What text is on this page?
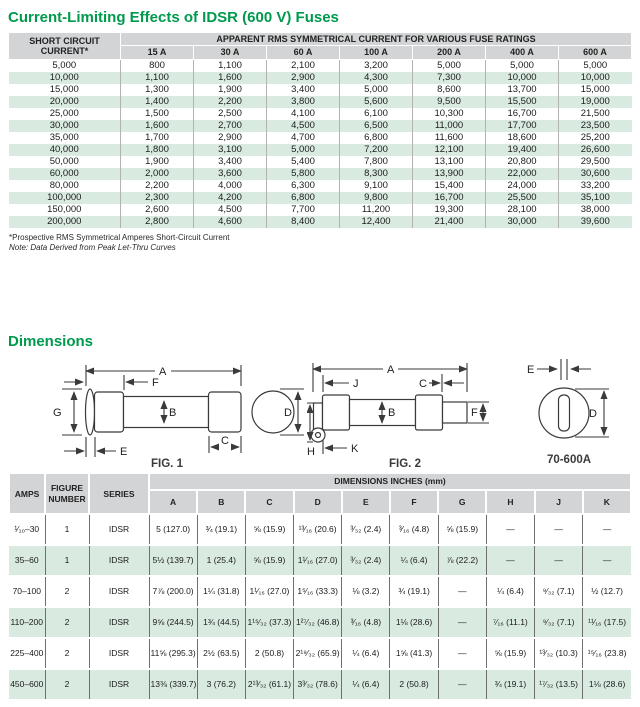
Current-Limiting Effects of IDSR (600 V) Fuses
SHORT CIRCUIT
CURRENT*	APPARENT RMS SYMMETRICAL CURRENT FOR VARIOUS FUSE RATINGS						
	15 A	30 A	60 A	100 A	200 A	400 A	600 A
5,000	800	1,100	2,100	3,200	5,000	5,000	5,000
10,000	1,100	1,600	2,900	4,300	7,300	10,000	10,000
15,000	1,300	1,900	3,400	5,000	8,600	13,700	15,000
20,000	1,400	2,200	3,800	5,600	9,500	15,500	19,000
25,000	1,500	2,500	4,100	6,100	10,300	16,700	21,500
30,000	1,600	2,700	4,500	6,500	11,000	17,700	23,500
35,000	1,700	2,900	4,700	6,800	11,600	18,600	25,200
40,000	1,800	3,100	5,000	7,200	12,100	19,400	26,600
50,000	1,900	3,400	5,400	7,800	13,100	20,800	29,500
60,000	2,000	3,600	5,800	8,300	13,900	22,000	30,600
80,000	2,200	4,000	6,300	9,100	15,400	24,000	33,200
100,000	2,300	4,200	6,800	9,800	16,700	25,500	35,100
150,000	2,600	4,500	7,700	11,200	19,300	28,100	38,000
200,000	2,800	4,600	8,400	12,400	21,400	30,000	39,600
*Prospective RMS Symmetrical Amperes Short-Circuit Current
Note: Data Derived from Peak Let-Thru Curves
Dimensions
A
F
G	B
E
C
D
FIG. 1
A
J	C
B	F
H	K
FIG. 2
E
D
70-600A
AMPS	FIGURE
NUMBER	SERIES	DIMENSIONS INCHES (mm)									
			A	B	C	D	E	F	G	H	J	K
¹⁄₁₀–30	1	IDSR	5 (127.0)	¾ (19.1)	⅝ (15.9)	¹³⁄₁₆ (20.6)	³⁄₃₂ (2.4)	³⁄₁₆ (4.8)	⅝ (15.9)	—	—	—
35–60	1	IDSR	5½ (139.7)	1 (25.4)	⅝ (15.9)	1¹⁄₁₆ (27.0)	³⁄₃₂ (2.4)	¼ (6.4)	⅞ (22.2)	—	—	—
70–100	2	IDSR	7⅞ (200.0)	1¼ (31.8)	1¹⁄₁₆ (27.0)	1⁵⁄₁₆ (33.3)	⅛ (3.2)	¾ (19.1)	—	¼ (6.4)	⁹⁄₃₂ (7.1)	½ (12.7)
110–200	2	IDSR	9⅝ (244.5)	1¾ (44.5)	1¹⁵⁄₃₂ (37.3)	1²⁷⁄₃₂ (46.8)	³⁄₁₆ (4.8)	1⅛ (28.6)	—	⁷⁄₁₆ (11.1)	⁹⁄₃₂ (7.1)	¹¹⁄₁₆ (17.5)
225–400	2	IDSR	11⅝ (295.3)	2½ (63.5)	2 (50.8)	2¹⁹⁄₃₂ (65.9)	¼ (6.4)	1⅝ (41.3)	—	⅝ (15.9)	¹³⁄₃₂ (10.3)	¹⁵⁄₁₆ (23.8)
450–600	2	IDSR	13⅜ (339.7)	3 (76.2)	2¹³⁄₃₂ (61.1)	3³⁄₃₂ (78.6)	¼ (6.4)	2 (50.8)	—	¾ (19.1)	¹⁷⁄₃₂ (13.5)	1⅛ (28.6)
